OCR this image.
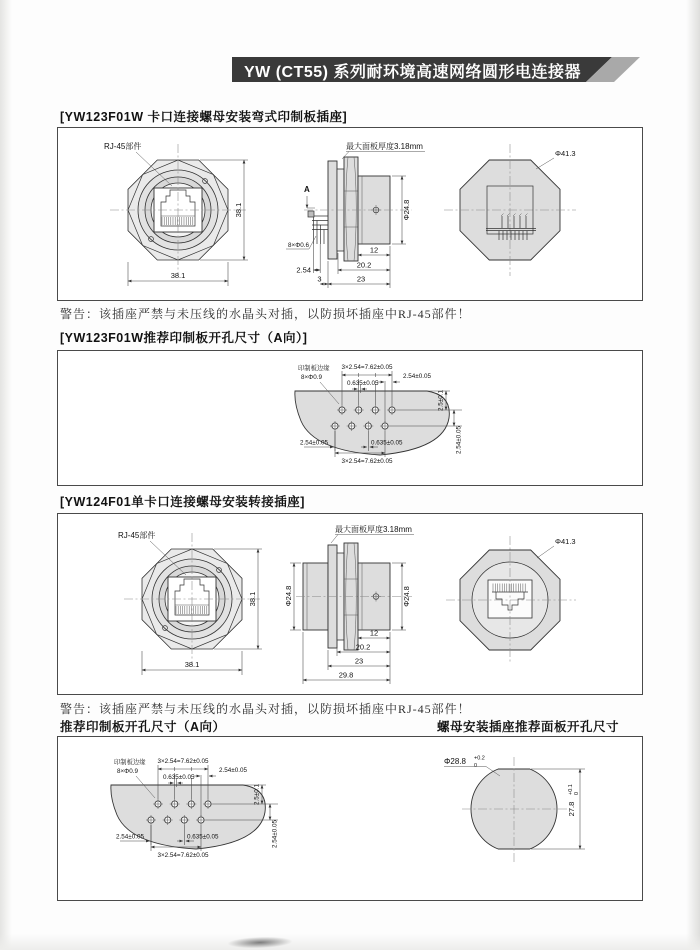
YW (CT55) 系列耐环境高速网络圆形电连接器
[YW123F01W 卡口连接螺母安装弯式印制板插座]
RJ-45部件
38.1
38.1
A
最大面板厚度3.18mm
8×Φ0.6
2.54
3
12
20.2
23
Φ24.8
Φ41.3
警告：该插座严禁与未压线的水晶头对插，以防损坏插座中RJ-45部件！
[YW123F01W推荐印制板开孔尺寸（A向）]
3×2.54=7.62±0.05
0.635±0.05
2.54±0.05
印制板边缘
8×Φ0.9
2.5±0.1
2.54±0.05
2.54±0.05	0.635±0.05
3×2.54=7.62±0.05
[YW124F01单卡口连接螺母安装转接插座]
RJ-45部件
38.1
38.1
最大面板厚度3.18mm
Φ24.8	Φ24.8
12
20.2
23
29.8
Φ41.3
警告：该插座严禁与未压线的水晶头对插，以防损坏插座中RJ-45部件！
推荐印制板开孔尺寸（A向）	螺母安装插座推荐面板开孔尺寸
3×2.54=7.62±0.05
0.635±0.05
2.54±0.05
印制板边缘
8×Φ0.9
2.5±0.1
2.54±0.05
2.54±0.05	0.635±0.05
3×2.54=7.62±0.05
Φ28.8 +0.2
0
27.8
+0.1 0
